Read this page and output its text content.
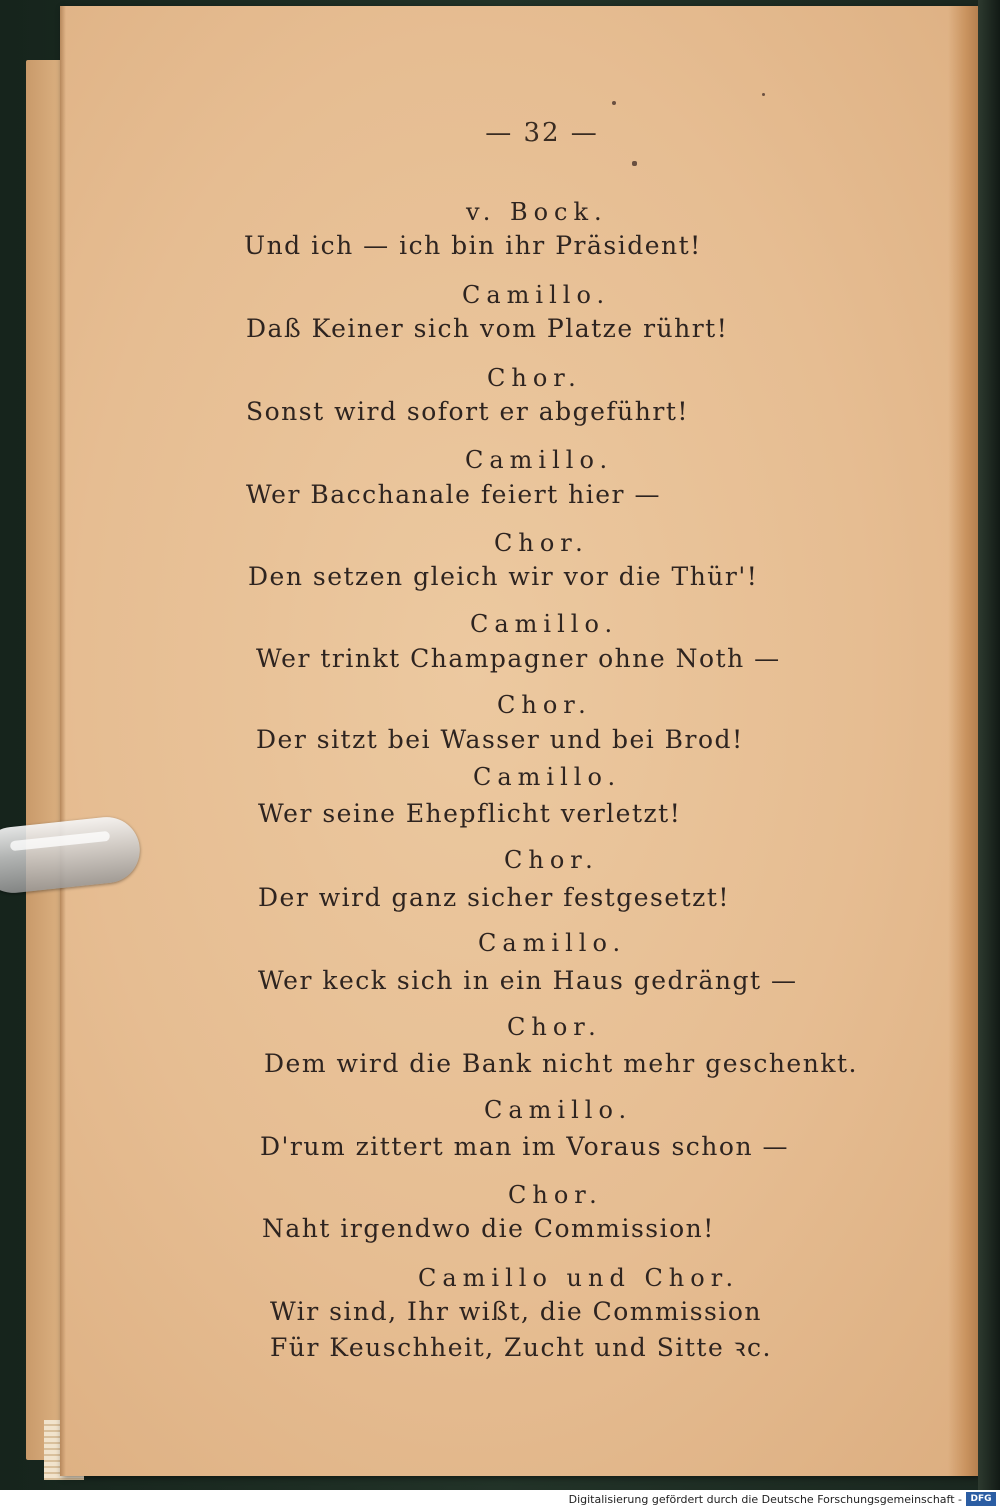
— 32 —
v. Bock.
Und ich — ich bin ihr Präsident!
Camillo.
Daß Keiner sich vom Platze rührt!
Chor.
Sonst wird sofort er abgeführt!
Camillo.
Wer Bacchanale feiert hier —
Chor.
Den setzen gleich wir vor die Thür'!
Camillo.
Wer trinkt Champagner ohne Noth —
Chor.
Der sitzt bei Wasser und bei Brod!
Camillo.
Wer seine Ehepflicht verletzt!
Chor.
Der wird ganz sicher festgesetzt!
Camillo.
Wer keck sich in ein Haus gedrängt —
Chor.
Dem wird die Bank nicht mehr geschenkt.
Camillo.
D'rum zittert man im Voraus schon —
Chor.
Naht irgendwo die Commission!
Camillo und Chor.
Wir sind, Ihr wißt, die Commission
Für Keuschheit, Zucht und Sitte ꝛc.
Digitalisierung gefördert durch die Deutsche Forschungsgemeinschaft - DFG
